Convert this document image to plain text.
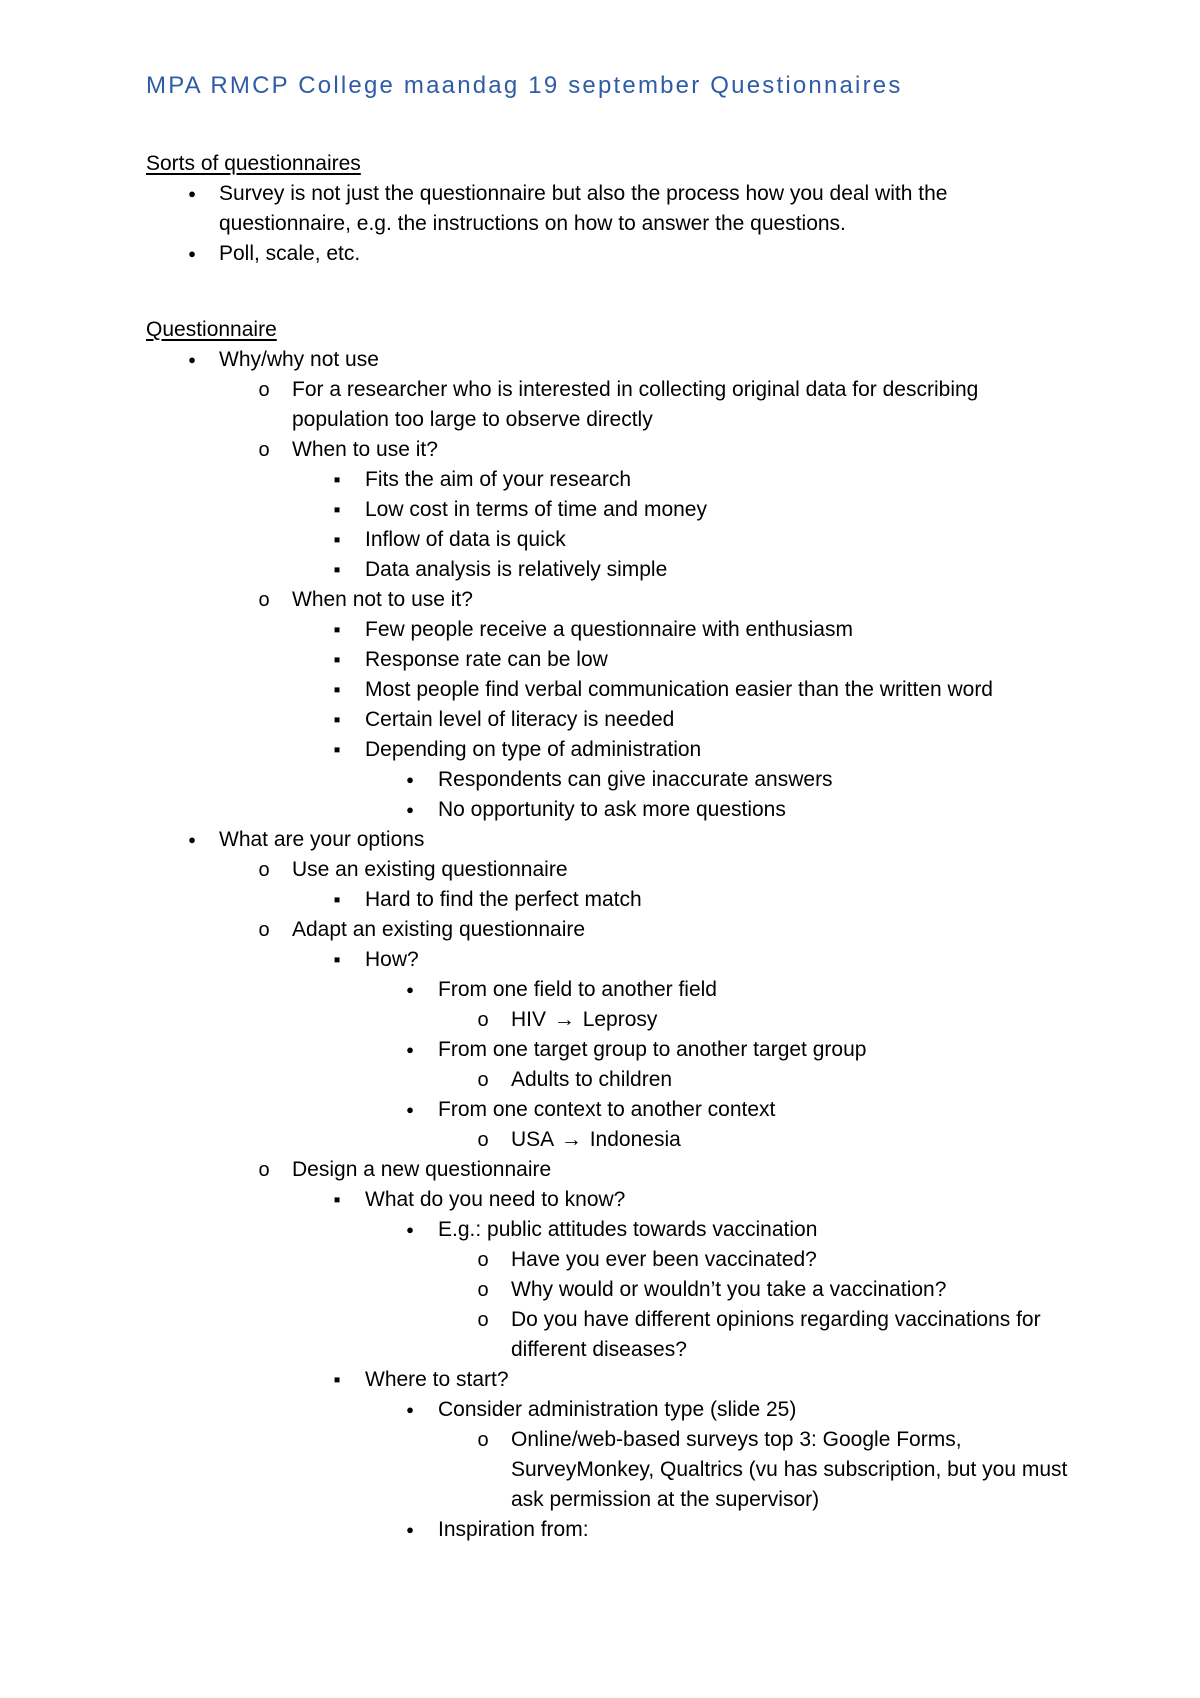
MPA RMCP College maandag 19 september Questionnaires

Sorts of questionnaires

●
Survey is not just the questionnaire but also the process how you deal with the questionnaire, e.g. the instructions on how to answer the questions.
●
Poll, scale, etc.

Questionnaire

●
Why/why not use
o
For a researcher who is interested in collecting original data for describing population too large to observe directly
o
When to use it?
▪
Fits the aim of your research
▪
Low cost in terms of time and money
▪
Inflow of data is quick
▪
Data analysis is relatively simple
o
When not to use it?
▪
Few people receive a questionnaire with enthusiasm
▪
Response rate can be low
▪
Most people find verbal communication easier than the written word
▪
Certain level of literacy is needed
▪
Depending on type of administration
●
Respondents can give inaccurate answers
●
No opportunity to ask more questions
●
What are your options
o
Use an existing questionnaire
▪
Hard to find the perfect match
o
Adapt an existing questionnaire
▪
How?
●
From one field to another field
o
HIV → Leprosy
●
From one target group to another target group
o
Adults to children
●
From one context to another context
o
USA → Indonesia
o
Design a new questionnaire
▪
What do you need to know?
●
E.g.: public attitudes towards vaccination
o
Have you ever been vaccinated?
o
Why would or wouldn’t you take a vaccination?
o
Do you have different opinions regarding vaccinations for different diseases?
▪
Where to start?
●
Consider administration type (slide 25)
o
Online/web-based surveys top 3: Google Forms, SurveyMonkey, Qualtrics (vu has subscription, but you must ask permission at the supervisor)
●
Inspiration from:
